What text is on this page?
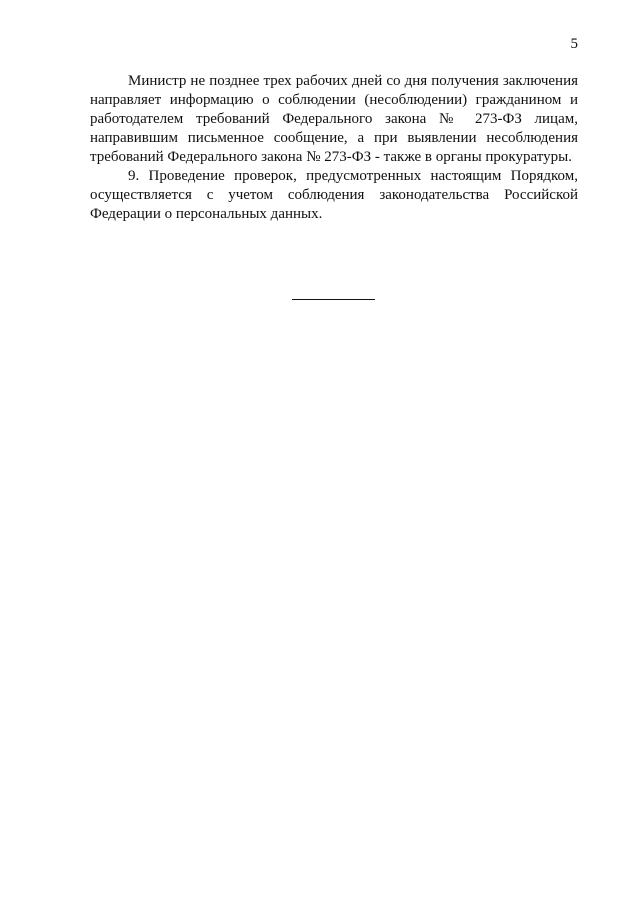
5

Министр не позднее трех рабочих дней со дня получения заключения направляет информацию о соблюдении (несоблюдении) гражданином и работодателем требований Федерального закона № 273-ФЗ лицам, направившим письменное сообщение, а при выявлении несоблюдения требований Федерального закона № 273-ФЗ - также в органы прокуратуры.

9. Проведение проверок, предусмотренных настоящим Порядком, осуществляется с учетом соблюдения законодательства Российской Федерации о персональных данных.
